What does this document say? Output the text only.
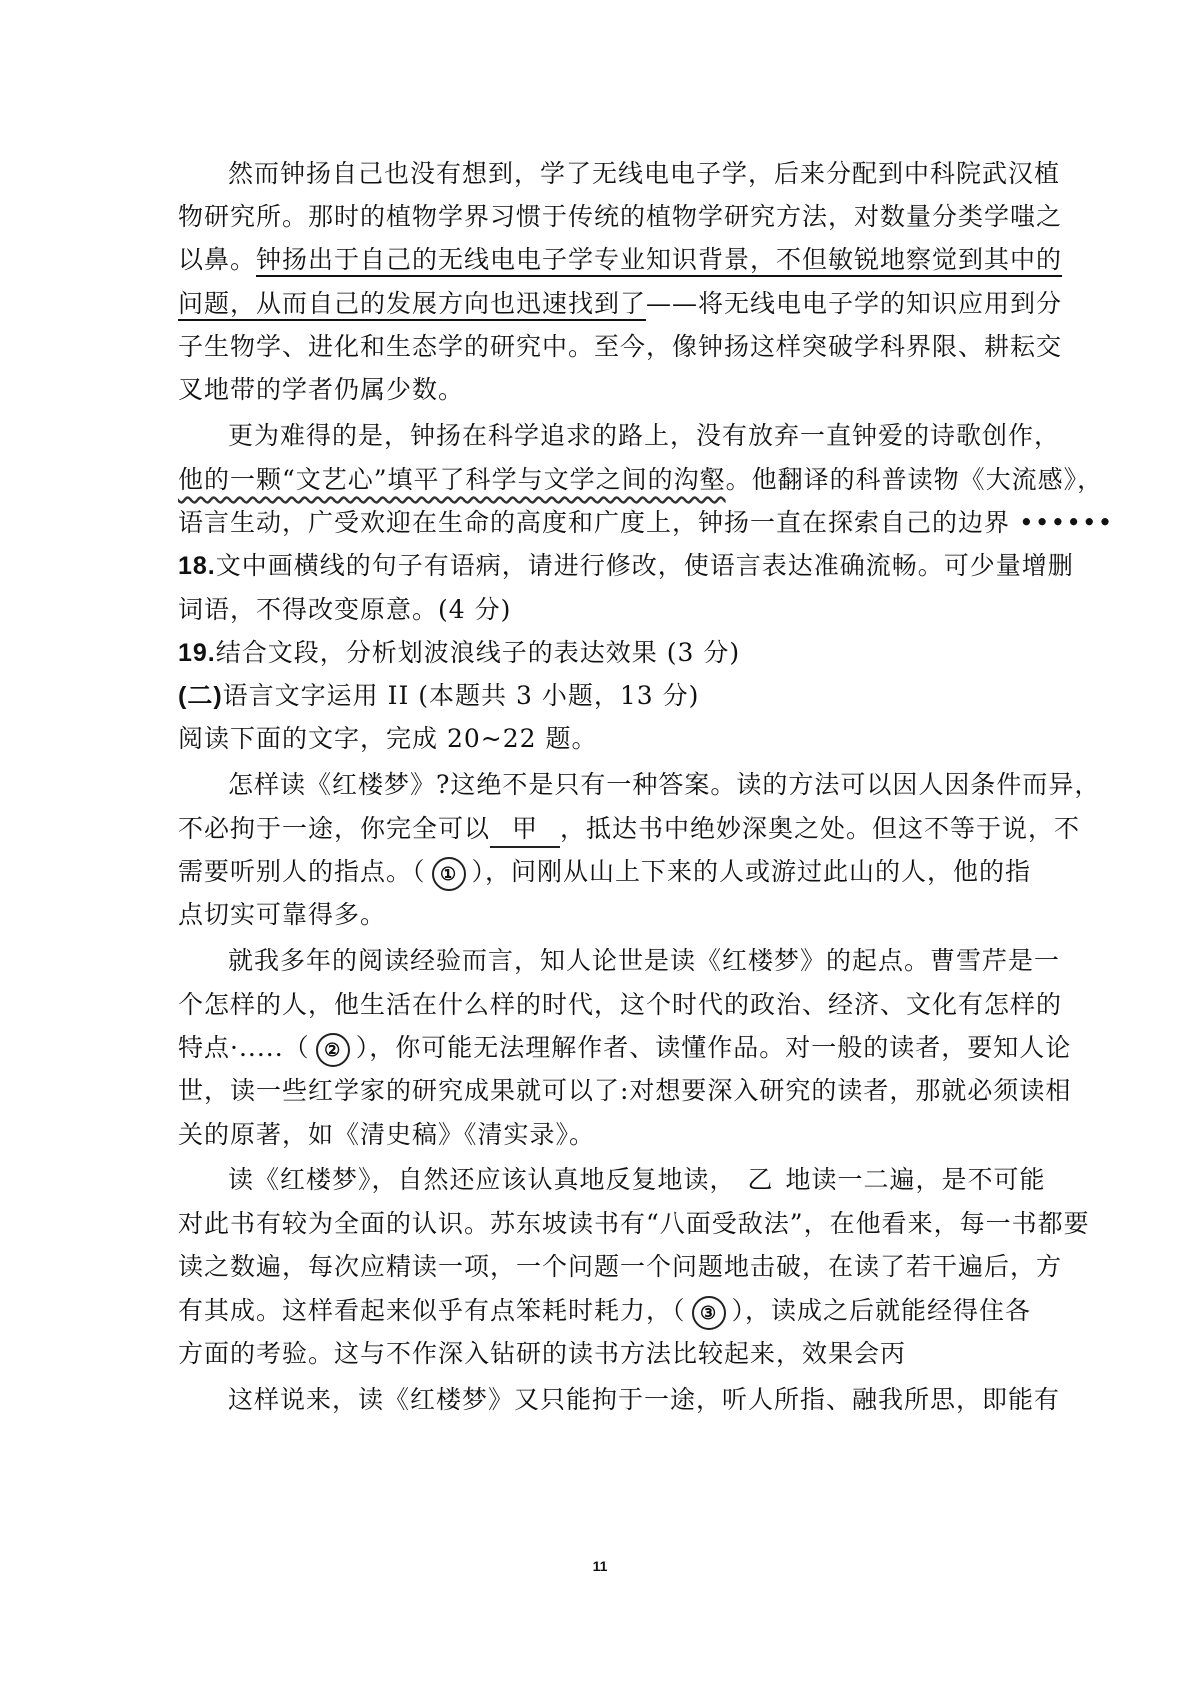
然而钟扬自己也没有想到，学了无线电电子学，后来分配到中科院武汉植
物研究所。那时的植物学界习惯于传统的植物学研究方法，对数量分类学嗤之
以鼻。钟扬出于自己的无线电电子学专业知识背景，不但敏锐地察觉到其中的
问题，从而自己的发展方向也迅速找到了——将无线电电子学的知识应用到分
子生物学、进化和生态学的研究中。至今，像钟扬这样突破学科界限、耕耘交
叉地带的学者仍属少数。
更为难得的是，钟扬在科学追求的路上，没有放弃一直钟爱的诗歌创作，
他的一颗“文艺心”填平了科学与文学之间的沟壑。他翻译的科普读物《大流感》，
语言生动，广受欢迎在生命的高度和广度上，钟扬一直在探索自己的边界 ••••••
18.文中画横线的句子有语病，请进行修改，使语言表达准确流畅。可少量增删
词语，不得改变原意。(4 分)
19.结合文段，分析划波浪线子的表达效果 (3 分)
(二)语言文字运用 II (本题共 3 小题，13 分)
阅读下面的文字，完成 20~22 题。
怎样读《红楼梦》?这绝不是只有一种答案。读的方法可以因人因条件而异，
不必拘于一途，你完全可以 甲 ，抵达书中绝妙深奥之处。但这不等于说，不
需要听别人的指点。（ ① ），问刚从山上下来的人或游过此山的人，他的指
点切实可靠得多。
就我多年的阅读经验而言，知人论世是读《红楼梦》的起点。曹雪芹是一
个怎样的人，他生活在什么样的时代，这个时代的政治、经济、文化有怎样的
特点·.....（ ② ），你可能无法理解作者、读懂作品。对一般的读者，要知人论
世，读一些红学家的研究成果就可以了:对想要深入研究的读者，那就必须读相
关的原著，如《清史稿》《清实录》。
读《红楼梦》，自然还应该认真地反复地读， 乙 地读一二遍，是不可能
对此书有较为全面的认识。苏东坡读书有“八面受敌法”，在他看来，每一书都要
读之数遍，每次应精读一项，一个问题一个问题地击破，在读了若干遍后，方
有其成。这样看起来似乎有点笨耗时耗力，（ ③ ），读成之后就能经得住各
方面的考验。这与不作深入钻研的读书方法比较起来，效果会丙
这样说来，读《红楼梦》又只能拘于一途，听人所指、融我所思，即能有
11
